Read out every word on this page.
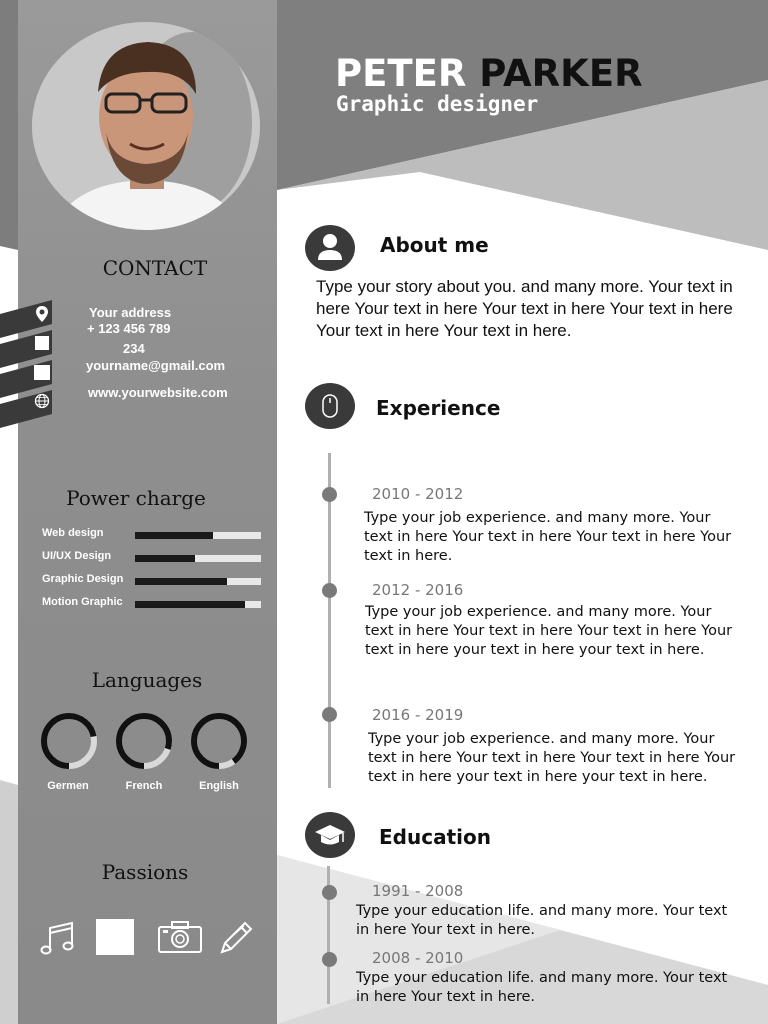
CONTACT
Your address
+ 123 456 789
234
yourname@gmail.com
www.yourwebsite.com
Power charge
Web design
UI/UX Design
Graphic Design
Motion Graphic
Languages
Germen	French	English
Passions
PETER PARKER
Graphic designer
About me
Type your story about you. and many more. Your text in here Your text in here Your text in here Your text in here Your text in here Your text in here.
Experience
2010 - 2012
Type your job experience. and many more. Your text in here Your text in here Your text in here Your text in here.
2012 - 2016
Type your job experience. and many more. Your text in here Your text in here Your text in here Your text in here your text in here your text in here.
2016 - 2019
Type your job experience. and many more. Your text in here Your text in here Your text in here Your text in here your text in here your text in here.
Education
1991 - 2008
Type your education life. and many more. Your text in here Your text in here.
2008 - 2010
Type your education life. and many more. Your text in here Your text in here.
